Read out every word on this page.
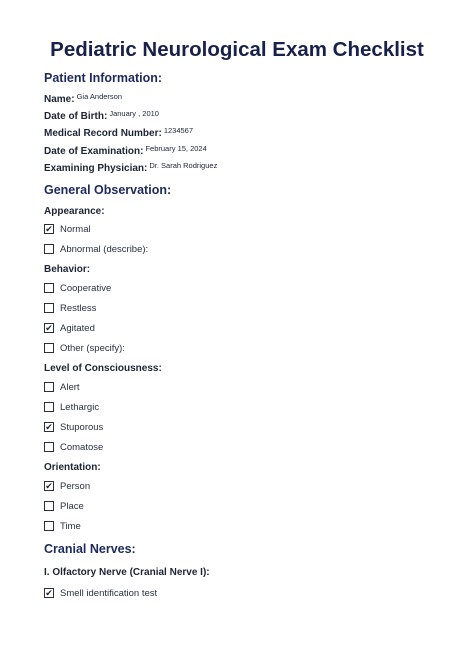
Pediatric Neurological Exam Checklist
Patient Information:
Name: $^{Gia Anderson}$
Date of Birth: $^{January , 2010}$
Medical Record Number: $^{1234567}$
Date of Examination: $^{February 15, 2024}$
Examining Physician: $^{Dr. Sarah Rodriguez}$
General Observation:
Appearance:
✔ Normal
Abnormal (describe):
Behavior:
Cooperative
Restless
✔ Agitated
Other (specify):
Level of Consciousness:
Alert
Lethargic
✔ Stuporous
Comatose
Orientation:
✔ Person
Place
Time
Cranial Nerves:
I. Olfactory Nerve (Cranial Nerve I):
✔ Smell identification test
